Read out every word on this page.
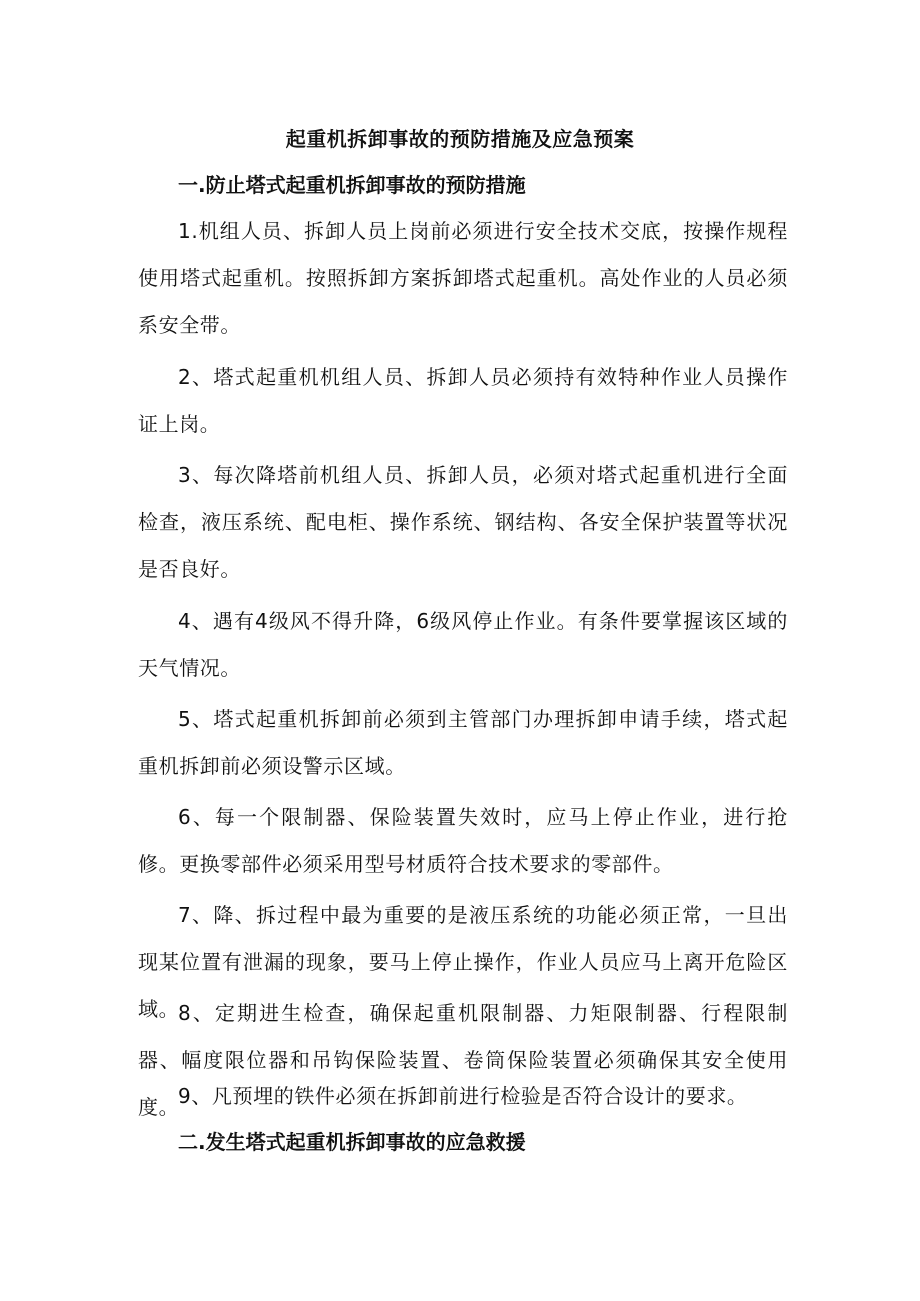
起重机拆卸事故的预防措施及应急预案
一.防止塔式起重机拆卸事故的预防措施

1.机组人员、拆卸人员上岗前必须进行安全技术交底，按操作规程使用塔式起重机。按照拆卸方案拆卸塔式起重机。高处作业的人员必须系安全带。

2、塔式起重机机组人员、拆卸人员必须持有效特种作业人员操作证上岗。

3、每次降塔前机组人员、拆卸人员，必须对塔式起重机进行全面检查，液压系统、配电柜、操作系统、钢结构、各安全保护装置等状况是否良好。

4、遇有4级风不得升降，6级风停止作业。有条件要掌握该区域的天气情况。

5、塔式起重机拆卸前必须到主管部门办理拆卸申请手续，塔式起重机拆卸前必须设警示区域。

6、每一个限制器、保险装置失效时，应马上停止作业，进行抢修。更换零部件必须采用型号材质符合技术要求的零部件。

7、降、拆过程中最为重要的是液压系统的功能必须正常，一旦出现某位置有泄漏的现象，要马上停止操作，作业人员应马上离开危险区域。

8、定期进生检查，确保起重机限制器、力矩限制器、行程限制器、幅度限位器和吊钩保险装置、卷筒保险装置必须确保其安全使用度。

9、凡预埋的铁件必须在拆卸前进行检验是否符合设计的要求。

二.发生塔式起重机拆卸事故的应急救援
